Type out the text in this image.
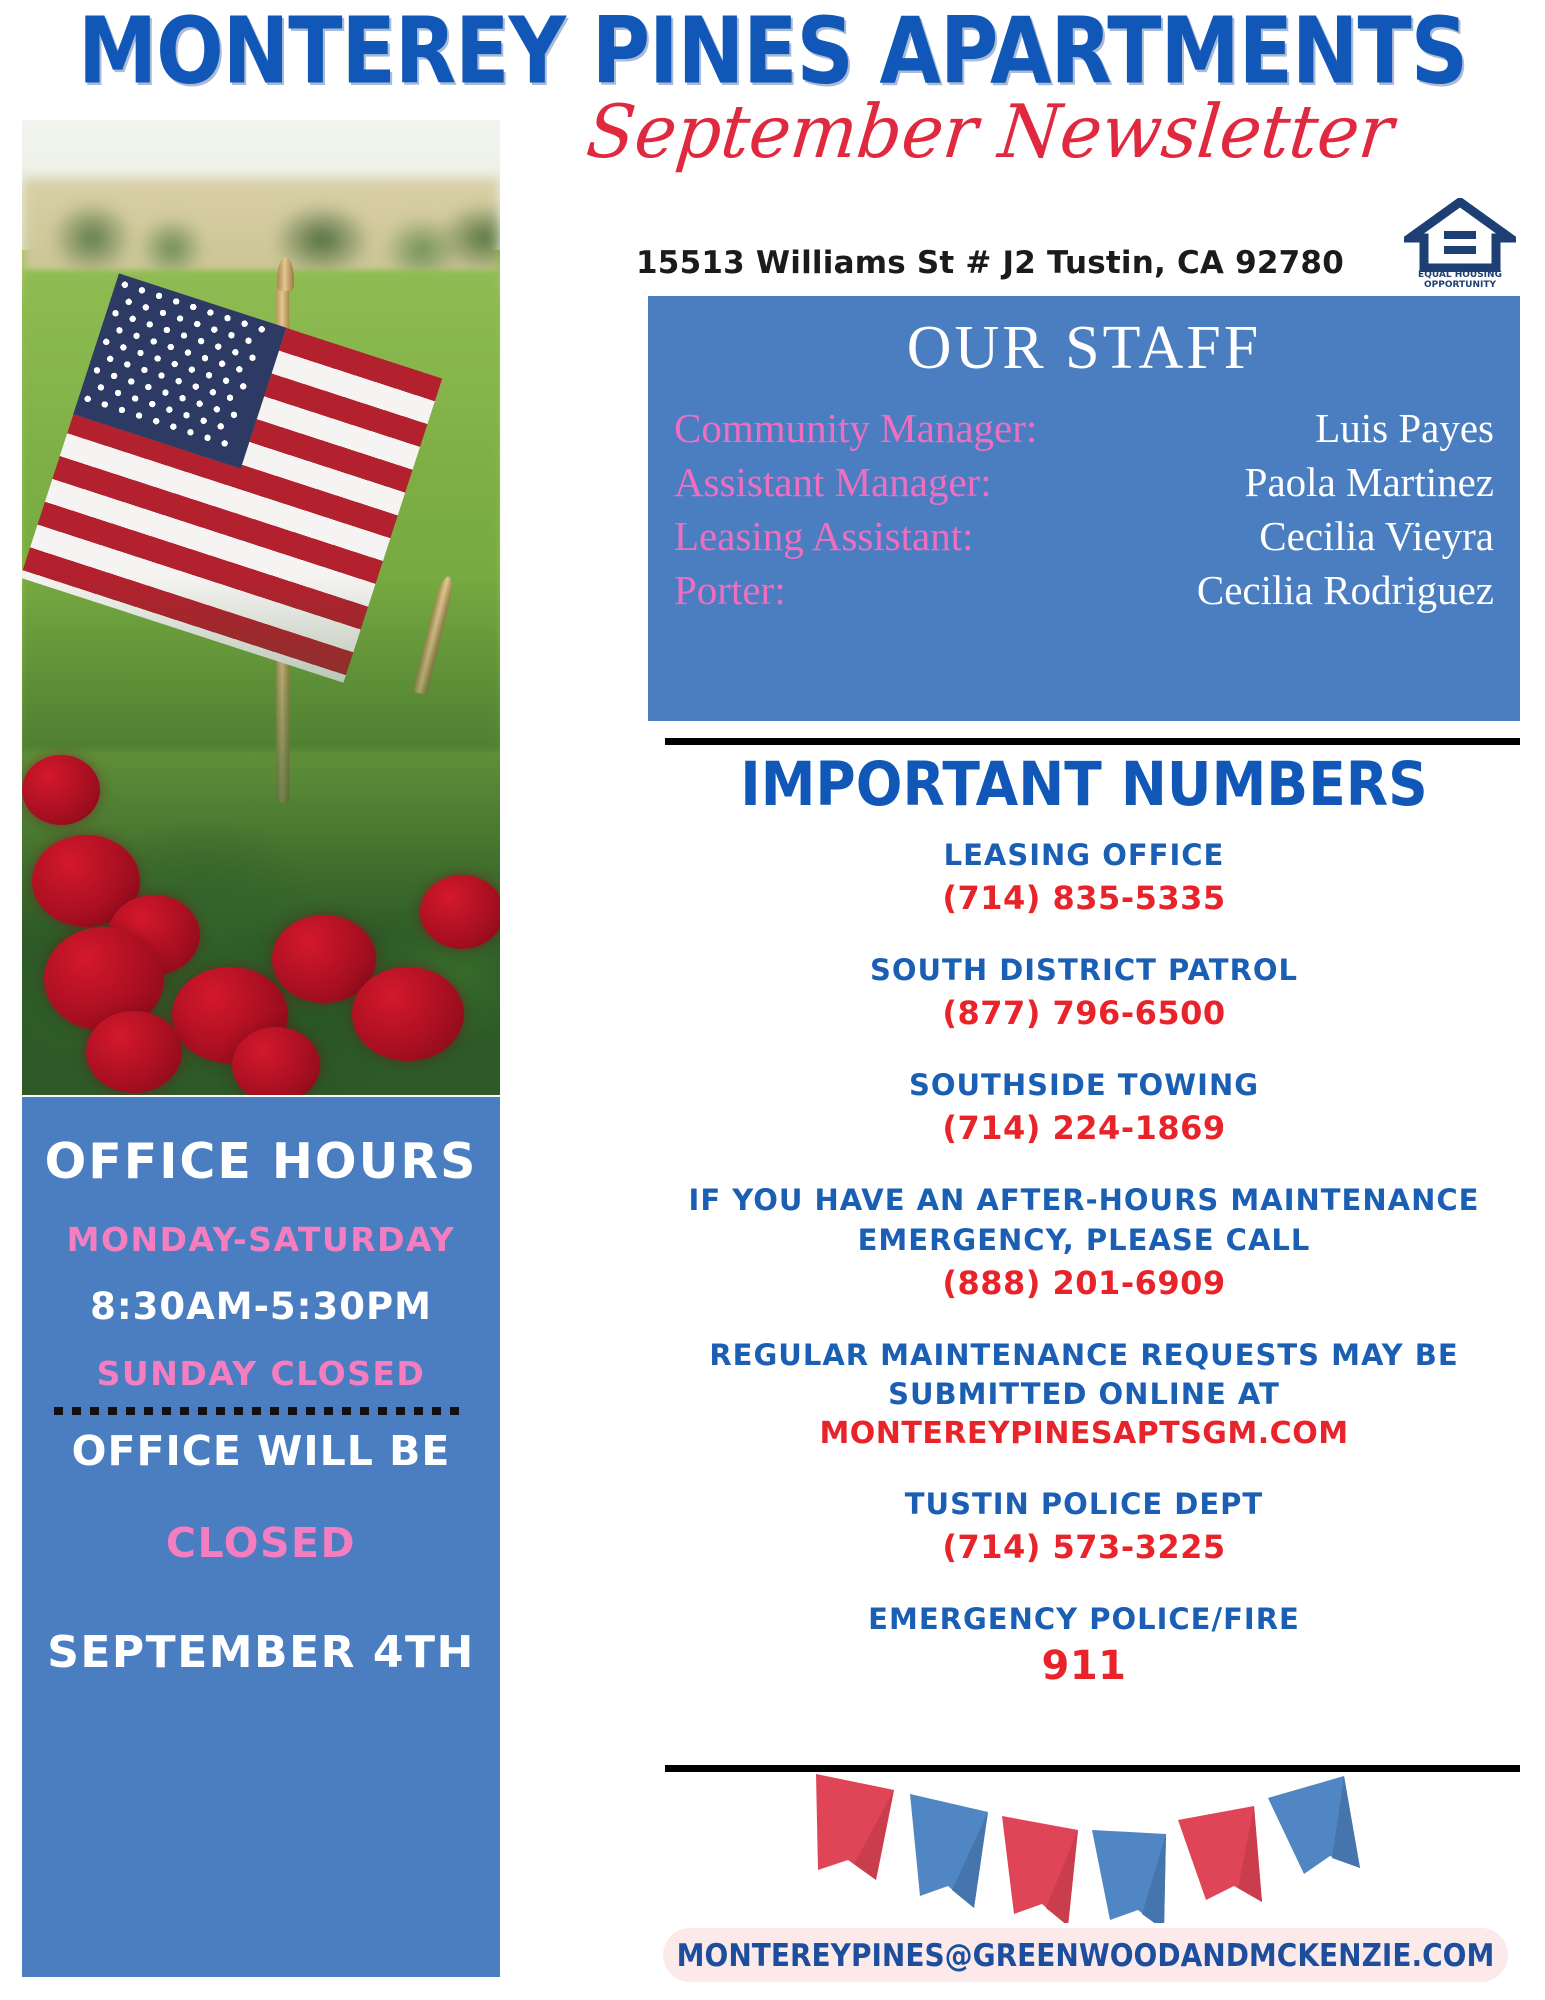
MONTEREY PINES APARTMENTS
September Newsletter
15513 Williams St # J2 Tustin, CA 92780	EQUAL HOUSING
OPPORTUNITY
OFFICE HOURS
MONDAY-SATURDAY
8:30AM-5:30PM
SUNDAY CLOSED
OFFICE WILL BE
CLOSED
SEPTEMBER 4TH
OUR STAFF
Community Manager:	Luis Payes
Assistant Manager:	Paola Martinez
Leasing Assistant:	Cecilia Vieyra
Porter:	Cecilia Rodriguez
IMPORTANT NUMBERS
LEASING OFFICE
(714) 835-5335
SOUTH DISTRICT PATROL
(877) 796-6500
SOUTHSIDE TOWING
(714) 224-1869
IF YOU HAVE AN AFTER-HOURS MAINTENANCE EMERGENCY, PLEASE CALL
(888) 201-6909
REGULAR MAINTENANCE REQUESTS MAY BE SUBMITTED ONLINE AT
MONTEREYPINESAPTSGM.COM
TUSTIN POLICE DEPT
(714) 573-3225
EMERGENCY POLICE/FIRE
911
MONTEREYPINES@GREENWOODANDMCKENZIE.COM
